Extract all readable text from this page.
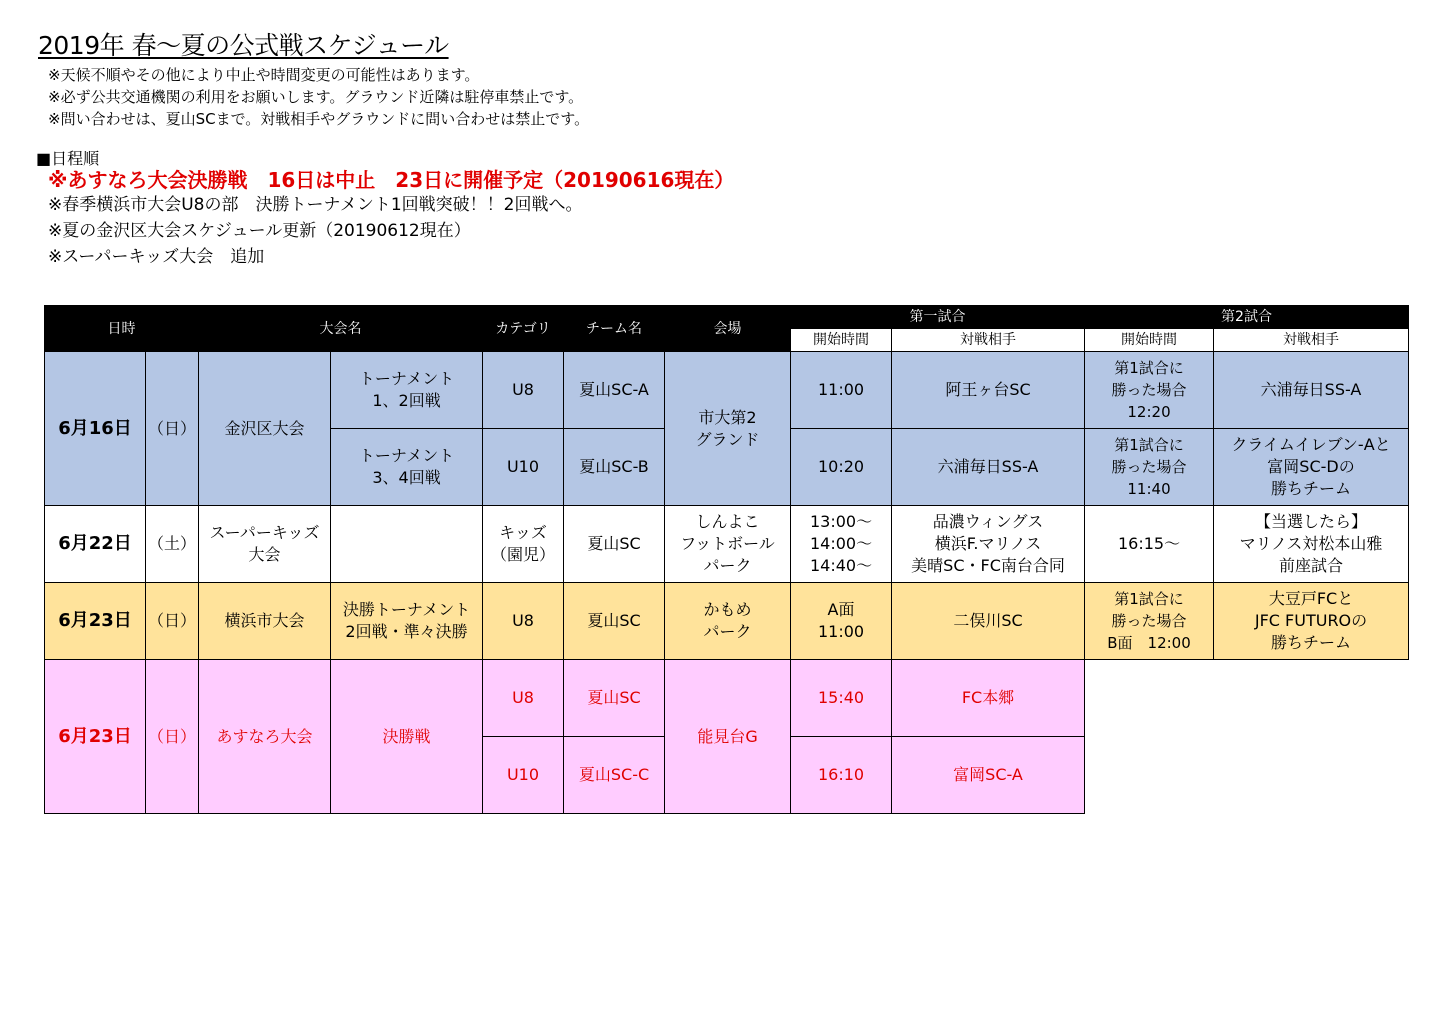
2019年 春～夏の公式戦スケジュール
※天候不順やその他により中止や時間変更の可能性はあります。
※必ず公共交通機関の利用をお願いします。グラウンド近隣は駐停車禁止です。
※問い合わせは、夏山SCまで。対戦相手やグラウンドに問い合わせは禁止です。
■日程順
※あすなろ大会決勝戦　16日は中止　23日に開催予定（20190616現在）
※春季横浜市大会U8の部　決勝トーナメント1回戦突破！！2回戦へ。
※夏の金沢区大会スケジュール更新（20190612現在）
※スーパーキッズ大会　追加
日時		大会名		カテゴリ	チーム名	会場	第一試合		第2試合	
							開始時間	対戦相手	開始時間	対戦相手
6月16日	（日）	金沢区大会	トーナメント
1、2回戦	U8	夏山SC-A	市大第2
グランド	11:00	阿王ヶ台SC	第1試合に
勝った場合
12:20	六浦毎日SS-A
			トーナメント
3、4回戦	U10	夏山SC-B		10:20	六浦毎日SS-A	第1試合に
勝った場合
11:40	クライムイレブン-Aと
富岡SC-Dの
勝ちチーム
6月22日	（土）	スーパーキッズ
大会		キッズ
（園児）	夏山SC	しんよこ
フットボール
パーク	13:00～
14:00～
14:40～	品濃ウィングス
横浜F.マリノス
美晴SC・FC南台合同	16:15～	【当選したら】
マリノス対松本山雅
前座試合
6月23日	（日）	横浜市大会	決勝トーナメント
2回戦・準々決勝	U8	夏山SC	かもめ
パーク	A面
11:00	二俣川SC	第1試合に
勝った場合
B面　12:00	大豆戸FCと
JFC FUTUROの
勝ちチーム
6月23日	（日）	あすなろ大会	決勝戦	U8	夏山SC	能見台G	15:40	FC本郷		
				U10	夏山SC-C		16:10	富岡SC-A		
